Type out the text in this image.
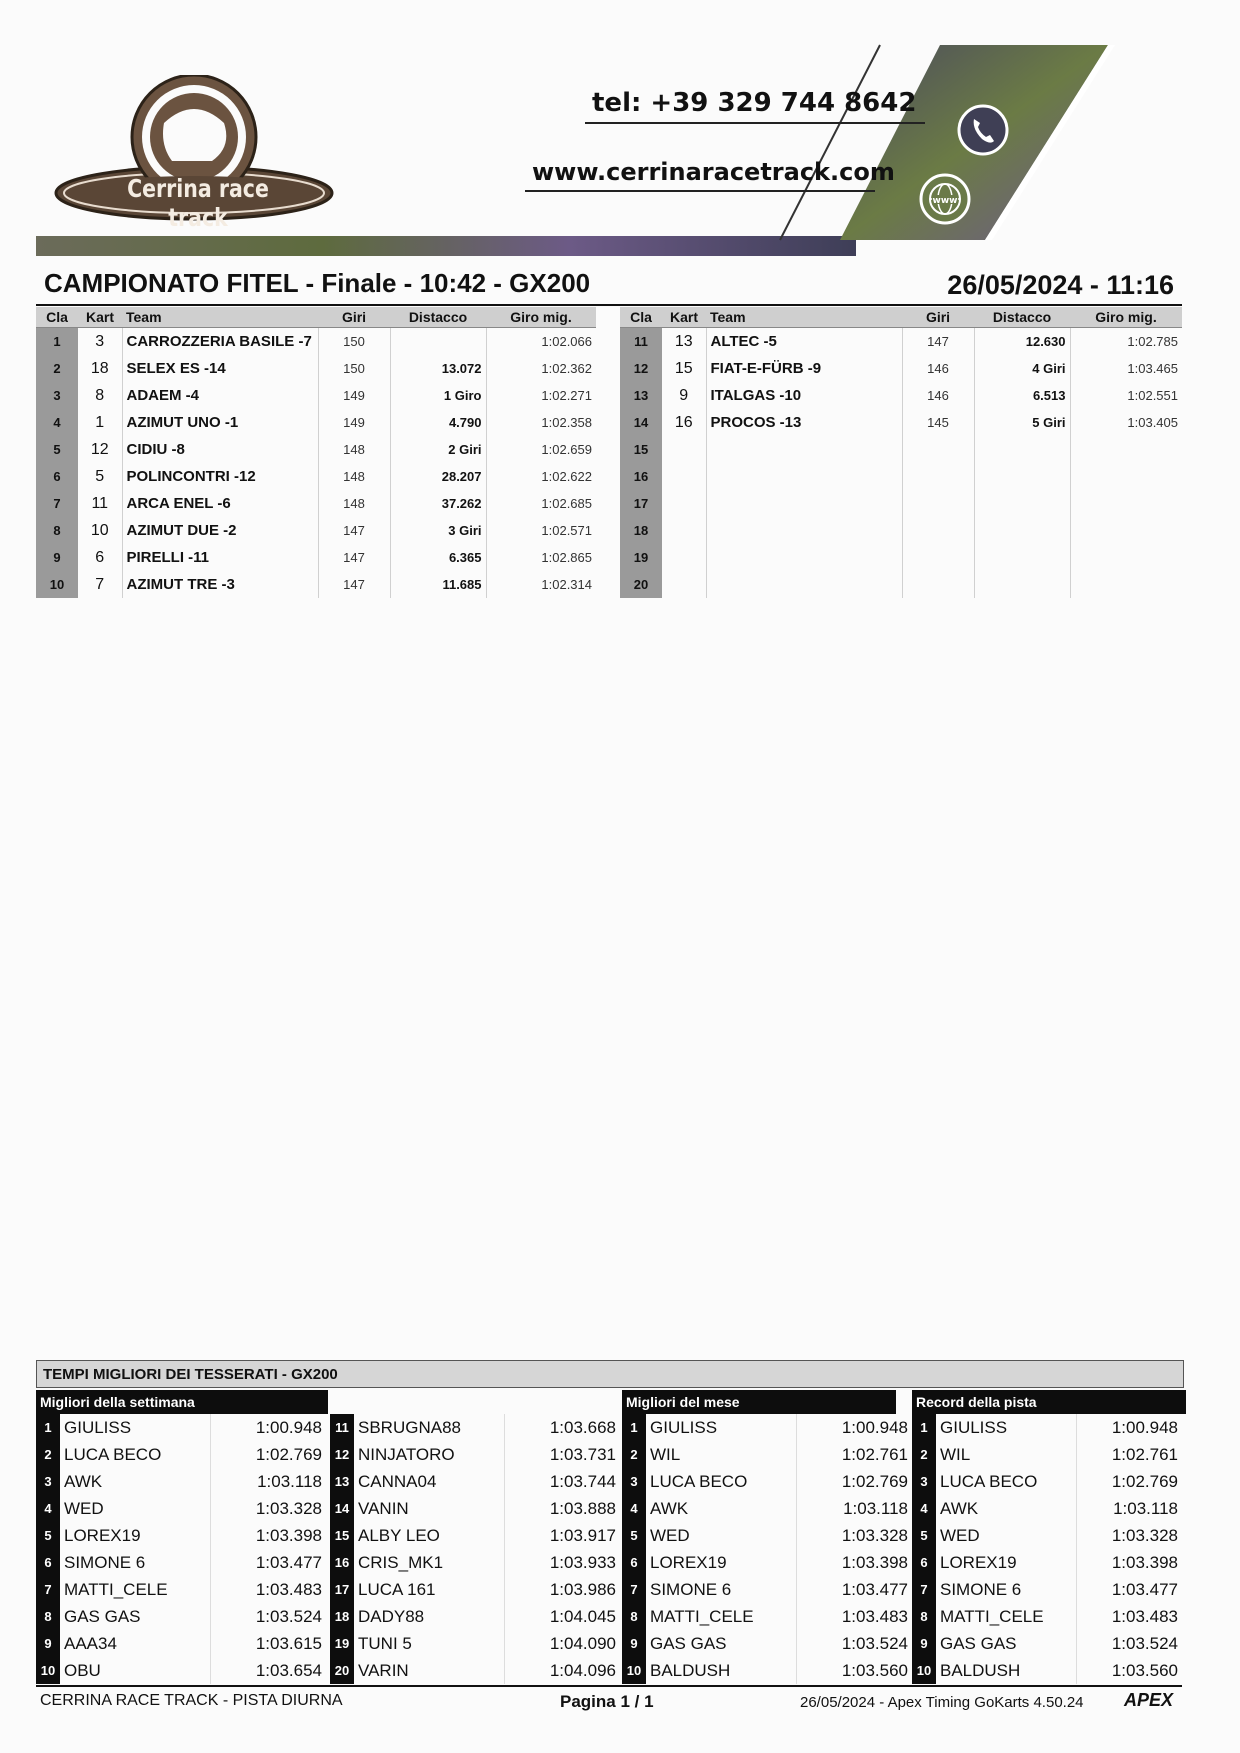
Cerrina race track
tel: +39 329 744 8642
www.cerrinaracetrack.com
www
CAMPIONATO FITEL - Finale - 10:42 - GX200	26/05/2024 - 11:16
Cla	Kart	Team	Giri	Distacco	Giro mig.
1	3	CARROZZERIA BASILE -7	150		1:02.066
2	18	SELEX ES -14	150	13.072	1:02.362
3	8	ADAEM -4	149	1 Giro	1:02.271
4	1	AZIMUT UNO -1	149	4.790	1:02.358
5	12	CIDIU -8	148	2 Giri	1:02.659
6	5	POLINCONTRI -12	148	28.207	1:02.622
7	11	ARCA ENEL -6	148	37.262	1:02.685
8	10	AZIMUT DUE -2	147	3 Giri	1:02.571
9	6	PIRELLI -11	147	6.365	1:02.865
10	7	AZIMUT TRE -3	147	11.685	1:02.314
Cla	Kart	Team	Giri	Distacco	Giro mig.
11	13	ALTEC -5	147	12.630	1:02.785
12	15	FIAT-E-FÜRB -9	146	4 Giri	1:03.465
13	9	ITALGAS -10	146	6.513	1:02.551
14	16	PROCOS -13	145	5 Giri	1:03.405
15					
16					
17					
18					
19					
20					
TEMPI MIGLIORI DEI TESSERATI - GX200
Migliori della settimana	Migliori del mese	Record della pista
1	GIULISS	1:00.948
2	LUCA BECO	1:02.769
3	AWK	1:03.118
4	WED	1:03.328
5	LOREX19	1:03.398
6	SIMONE 6	1:03.477
7	MATTI_CELE	1:03.483
8	GAS GAS	1:03.524
9	AAA34	1:03.615
10	OBU	1:03.654
11	SBRUGNA88	1:03.668
12	NINJATORO	1:03.731
13	CANNA04	1:03.744
14	VANIN	1:03.888
15	ALBY LEO	1:03.917
16	CRIS_MK1	1:03.933
17	LUCA 161	1:03.986
18	DADY88	1:04.045
19	TUNI 5	1:04.090
20	VARIN	1:04.096
1	GIULISS	1:00.948
2	WIL	1:02.761
3	LUCA BECO	1:02.769
4	AWK	1:03.118
5	WED	1:03.328
6	LOREX19	1:03.398
7	SIMONE 6	1:03.477
8	MATTI_CELE	1:03.483
9	GAS GAS	1:03.524
10	BALDUSH	1:03.560
1	GIULISS	1:00.948
2	WIL	1:02.761
3	LUCA BECO	1:02.769
4	AWK	1:03.118
5	WED	1:03.328
6	LOREX19	1:03.398
7	SIMONE 6	1:03.477
8	MATTI_CELE	1:03.483
9	GAS GAS	1:03.524
10	BALDUSH	1:03.560
CERRINA RACE TRACK - PISTA DIURNA	Pagina 1 / 1	26/05/2024 - Apex Timing GoKarts 4.50.24 APEX
